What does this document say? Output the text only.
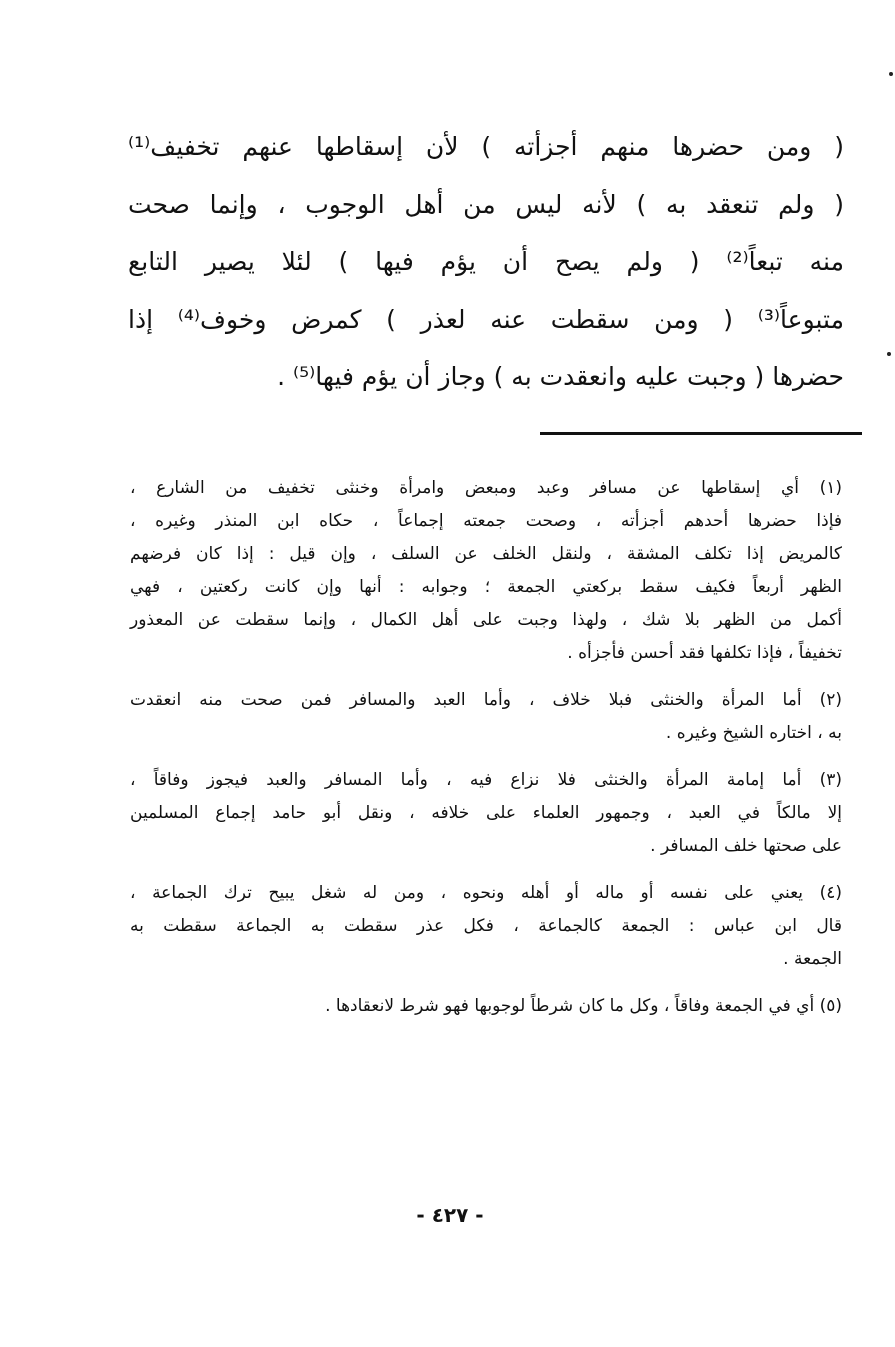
( ومن حضرها منهم أجزأته ) لأن إسقاطها عنهم تخفيف⁽¹⁾
( ولم تنعقد به ) لأنه ليس من أهل الوجوب ، وإنما صحت
منه تبعاً⁽²⁾ ( ولم يصح أن يؤم فيها ) لئلا يصير التابع
متبوعاً⁽³⁾ ( ومن سقطت عنه لعذر ) كمرض وخوف⁽⁴⁾ إذا
حضرها ( وجبت عليه وانعقدت به ) وجاز أن يؤم فيها⁽⁵⁾ .
(١) أي إسقاطها عن مسافر وعبد ومبعض وامرأة وخنثى تخفيف من الشارع ،
فإذا حضرها أحدهم أجزأته ، وصحت جمعته إجماعاً ، حكاه ابن المنذر وغيره ،
كالمريض إذا تكلف المشقة ، ولنقل الخلف عن السلف ، وإن قيل : إذا كان فرضهم
الظهر أربعاً فكيف سقط بركعتي الجمعة ؛ وجوابه : أنها وإن كانت ركعتين ، فهي
أكمل من الظهر بلا شك ، ولهذا وجبت على أهل الكمال ، وإنما سقطت عن المعذور
تخفيفاً ، فإذا تكلفها فقد أحسن فأجزأه .
(٢) أما المرأة والخنثى فبلا خلاف ، وأما العبد والمسافر فمن صحت منه انعقدت
به ، اختاره الشيخ وغيره .
(٣) أما إمامة المرأة والخنثى فلا نزاع فيه ، وأما المسافر والعبد فيجوز وفاقاً ،
إلا مالكاً في العبد ، وجمهور العلماء على خلافه ، ونقل أبو حامد إجماع المسلمين
على صحتها خلف المسافر .
(٤) يعني على نفسه أو ماله أو أهله ونحوه ، ومن له شغل يبيح ترك الجماعة ،
قال ابن عباس : الجمعة كالجماعة ، فكل عذر سقطت به الجماعة سقطت به
الجمعة .
(٥) أي في الجمعة وفاقاً ، وكل ما كان شرطاً لوجوبها فهو شرط لانعقادها .
- ٤٢٧ -
